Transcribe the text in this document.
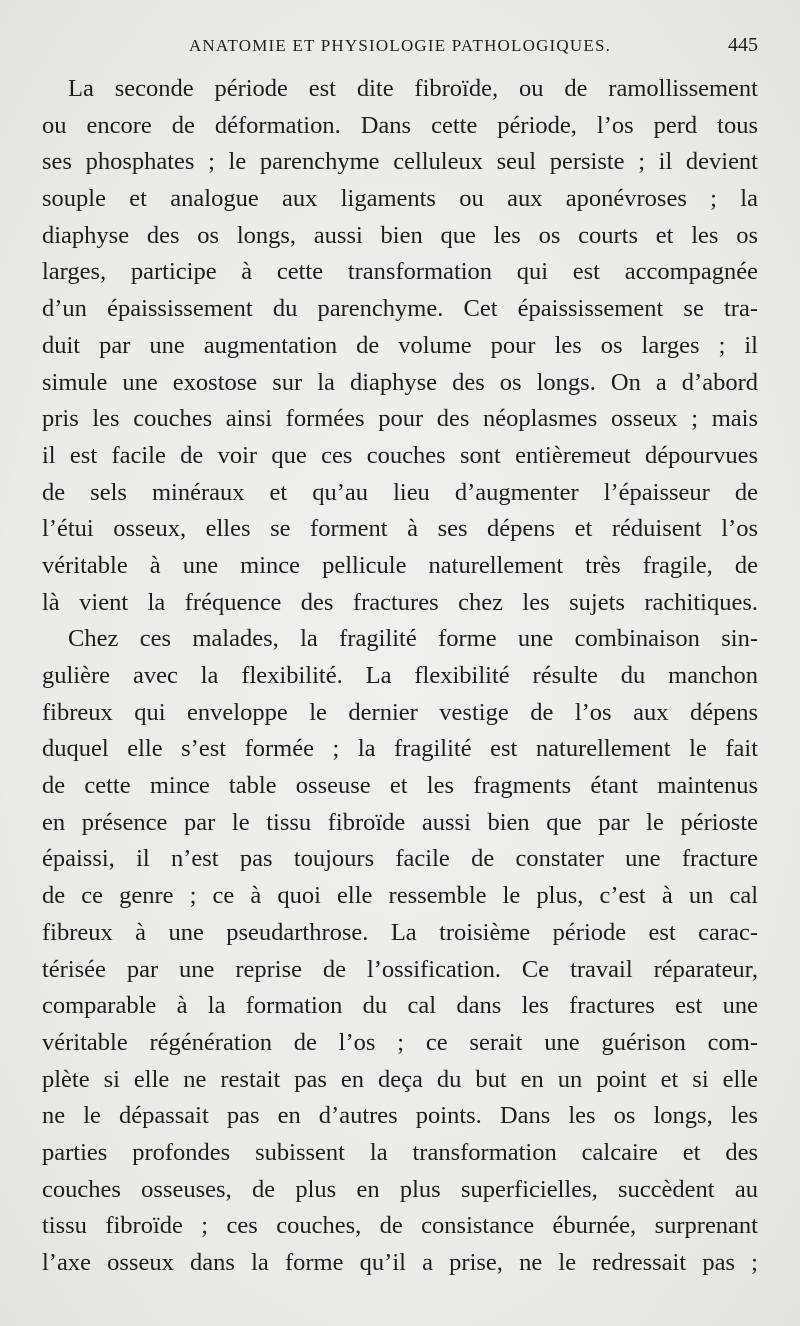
ANATOMIE ET PHYSIOLOGIE PATHOLOGIQUES.	445
La seconde période est dite fibroïde, ou de ramollissement
ou encore de déformation. Dans cette période, l’os perd tous
ses phosphates ; le parenchyme celluleux seul persiste ; il devient
souple et analogue aux ligaments ou aux aponévroses ; la
diaphyse des os longs, aussi bien que les os courts et les os
larges, participe à cette transformation qui est accompagnée
d’un épaississement du parenchyme. Cet épaississement se tra-
duit par une augmentation de volume pour les os larges ; il
simule une exostose sur la diaphyse des os longs. On a d’abord
pris les couches ainsi formées pour des néoplasmes osseux ; mais
il est facile de voir que ces couches sont entièremeut dépourvues
de sels minéraux et qu’au lieu d’augmenter l’épaisseur de
l’étui osseux, elles se forment à ses dépens et réduisent l’os
véritable à une mince pellicule naturellement très fragile, de
là vient la fréquence des fractures chez les sujets rachitiques.
Chez ces malades, la fragilité forme une combinaison sin-
gulière avec la flexibilité. La flexibilité résulte du manchon
fibreux qui enveloppe le dernier vestige de l’os aux dépens
duquel elle s’est formée ; la fragilité est naturellement le fait
de cette mince table osseuse et les fragments étant maintenus
en présence par le tissu fibroïde aussi bien que par le périoste
épaissi, il n’est pas toujours facile de constater une fracture
de ce genre ; ce à quoi elle ressemble le plus, c’est à un cal
fibreux à une pseudarthrose. La troisième période est carac-
térisée par une reprise de l’ossification. Ce travail réparateur,
comparable à la formation du cal dans les fractures est une
véritable régénération de l’os ; ce serait une guérison com-
plète si elle ne restait pas en deça du but en un point et si elle
ne le dépassait pas en d’autres points. Dans les os longs, les
parties profondes subissent la transformation calcaire et des
couches osseuses, de plus en plus superficielles, succèdent au
tissu fibroïde ; ces couches, de consistance éburnée, surprenant
l’axe osseux dans la forme qu’il a prise, ne le redressait pas ;
